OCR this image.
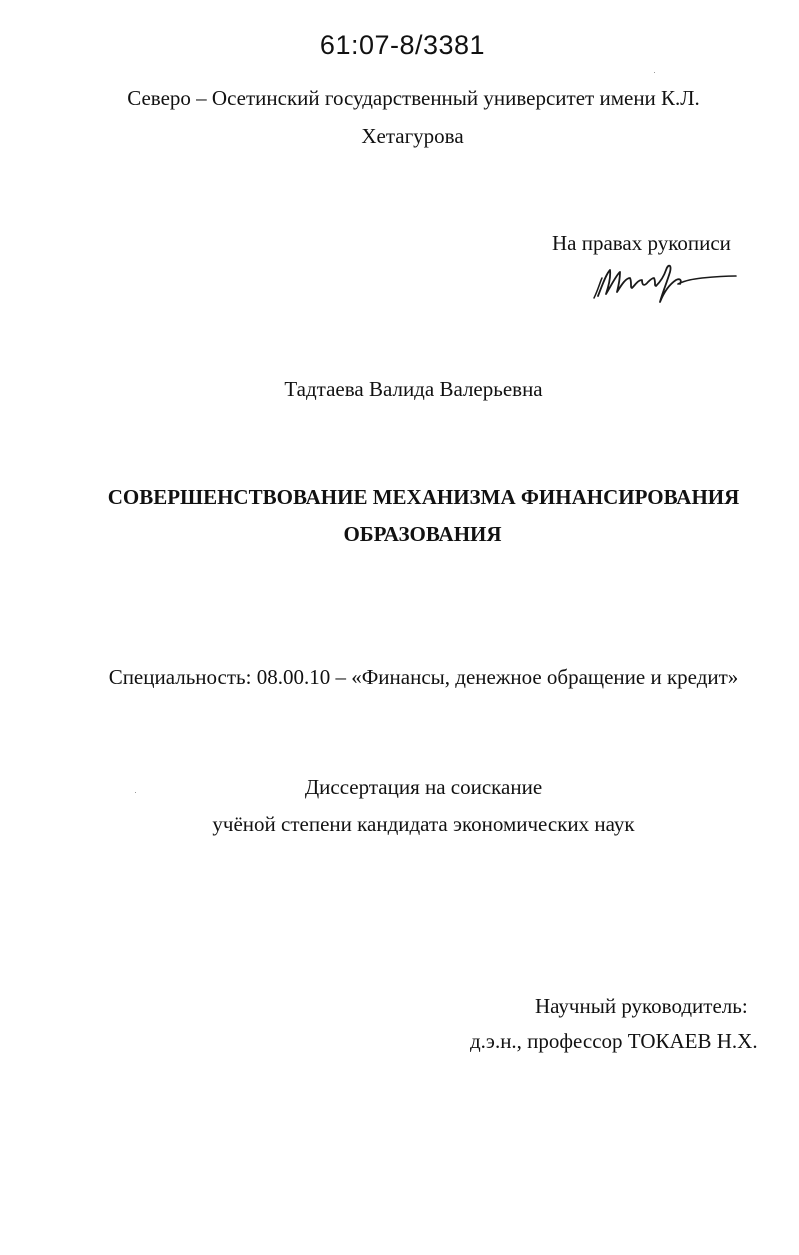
61:07-8/3381
Северо – Осетинский государственный университет имени К.Л.
Хетагурова
На правах рукописи
Тадтаева Валида Валерьевна
СОВЕРШЕНСТВОВАНИЕ МЕХАНИЗМА ФИНАНСИРОВАНИЯ
ОБРАЗОВАНИЯ
Специальность: 08.00.10 – «Финансы, денежное обращение и кредит»
Диссертация на соискание
учёной степени кандидата экономических наук
Научный руководитель:
д.э.н., профессор ТОКАЕВ Н.Х.
